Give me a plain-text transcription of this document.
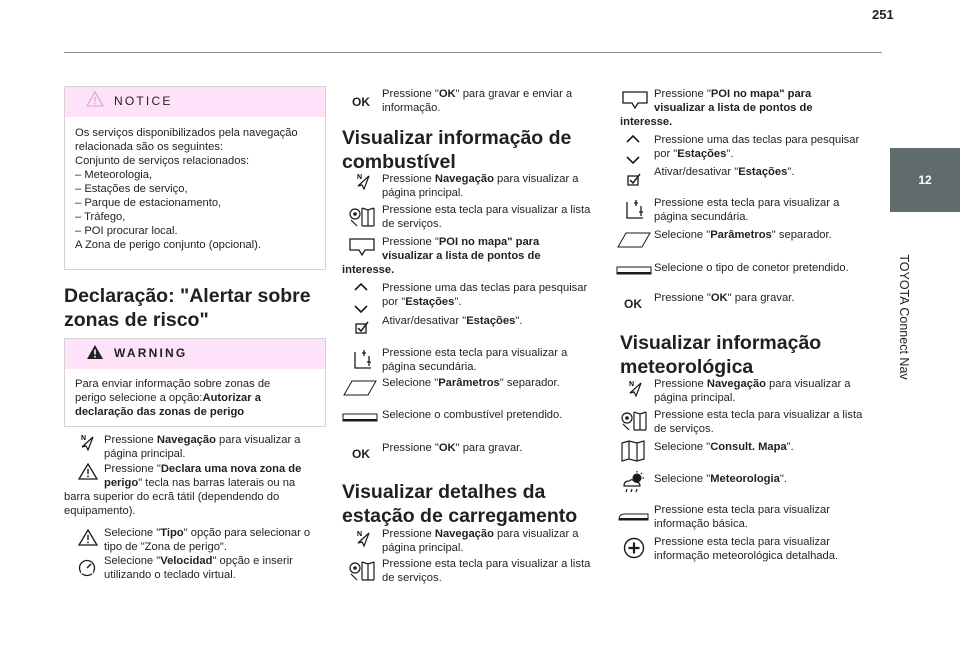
251
12
TOYOTA Connect Nav
NOTICE
Os serviços disponibilizados pela navegação
relacionada são os seguintes:
Conjunto de serviços relacionados:
– Meteorologia,
– Estações de serviço,
– Parque de estacionamento,
– Tráfego,
– POI procurar local.
A Zona de perigo conjunto (opcional).
Declaração: "Alertar sobre
zonas de risco"
WARNING
Para enviar informação sobre zonas de
perigo selecione a opção:Autorizar a
declaração das zonas de perigo
N Pressione Navegação para visualizar a
página principal.
Pressione "Declara uma nova zona de
perigo" tecla nas barras laterais ou na
barra superior do ecrã tátil (dependendo do
equipamento).
Selecione "Tipo" opção para selecionar o
tipo de "Zona de perigo".
Selecione "Velocidad" opção e inserir
utilizando o teclado virtual.
OK
Pressione "OK" para gravar e enviar a
informação.
Visualizar informação de
combustível
N Pressione Navegação para visualizar a
página principal.
Pressione esta tecla para visualizar a lista
de serviços.
Pressione "POI no mapa" para
visualizar a lista de pontos de
interesse.
Pressione uma das teclas para pesquisar
por "Estações".
Ativar/desativar "Estações".
Pressione esta tecla para visualizar a
página secundária.
Selecione "Parâmetros" separador.
Selecione o combustível pretendido.
OK Pressione "OK" para gravar.
Visualizar detalhes da
estação de carregamento
N Pressione Navegação para visualizar a
página principal.
Pressione esta tecla para visualizar a lista
de serviços.
Pressione "POI no mapa" para
visualizar a lista de pontos de
interesse.
Pressione uma das teclas para pesquisar
por "Estações".
Ativar/desativar "Estações".
Pressione esta tecla para visualizar a
página secundária.
Selecione "Parâmetros" separador.
Selecione o tipo de conetor pretendido.
OK Pressione "OK" para gravar.
Visualizar informação
meteorológica
N Pressione Navegação para visualizar a
página principal.
Pressione esta tecla para visualizar a lista
de serviços.
Selecione "Consult. Mapa".
Selecione "Meteorologia".
Pressione esta tecla para visualizar
informação básica.
Pressione esta tecla para visualizar
informação meteorológica detalhada.
